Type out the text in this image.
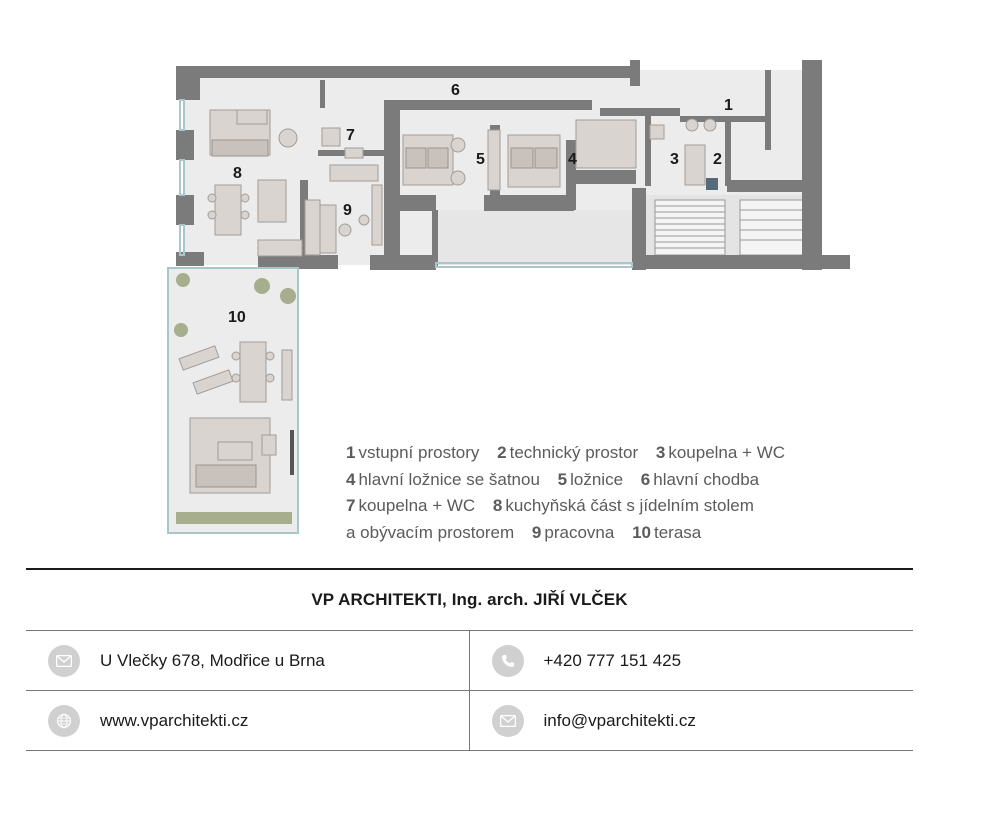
1
2
3
4
5
6
7
8
9
10
1 vstupní prostory 2 technický prostor 3 koupelna + WC
4 hlavní ložnice se šatnou 5 ložnice 6 hlavní chodba
7 koupelna + WC 8 kuchyňská část s jídelním stolem
a obývacím prostorem 9 pracovna 10 terasa
VP ARCHITEKTI, Ing. arch. JIŘÍ VLČEK
U Vlečky 678, Modřice u Brna	+420 777 151 425
www.vparchitekti.cz	info@vparchitekti.cz
